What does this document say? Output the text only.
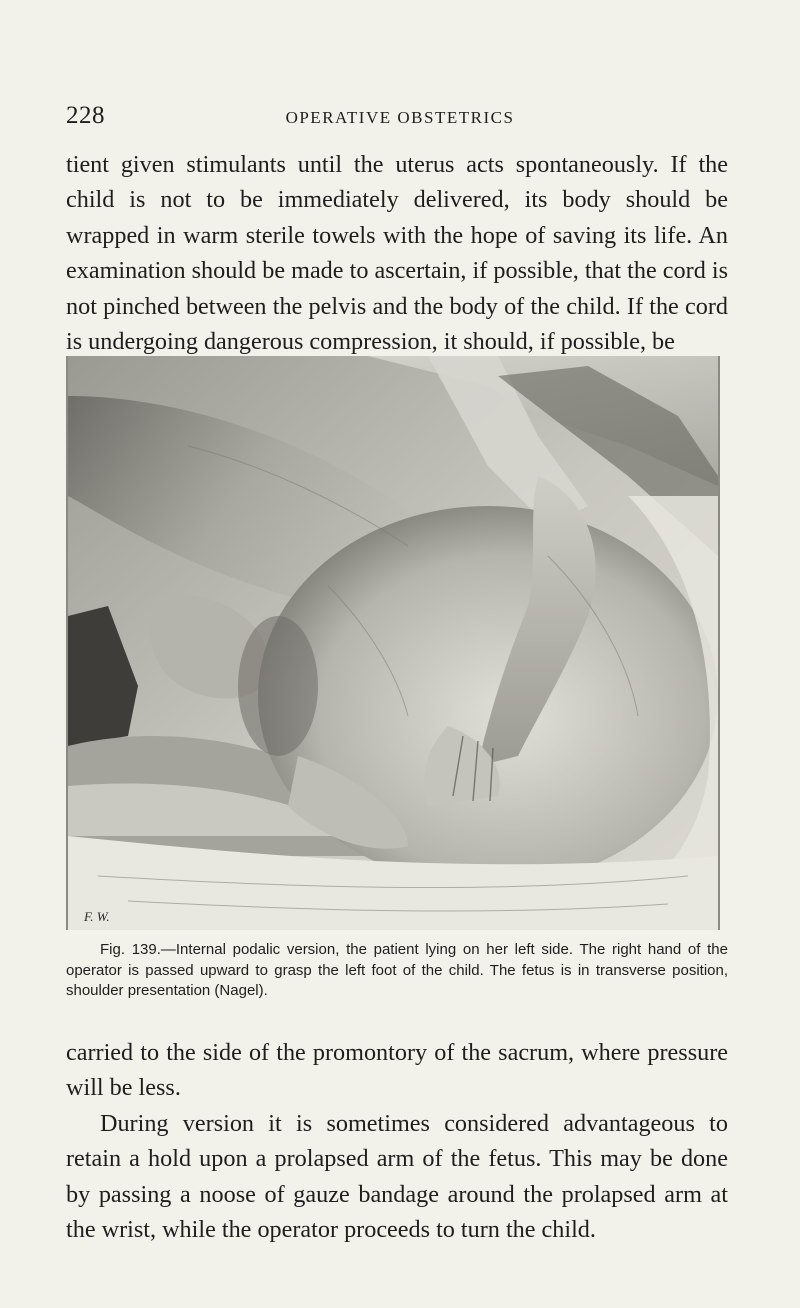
228	OPERATIVE OBSTETRICS

tient given stimulants until the uterus acts spontaneously. If the child is not to be immediately delivered, its body should be wrapped in warm sterile towels with the hope of saving its life. An examination should be made to ascertain, if possible, that the cord is not pinched between the pelvis and the body of the child. If the cord is undergoing dangerous compression, it should, if possible, be

F. W.

Fig. 139.—Internal podalic version, the patient lying on her left side. The right hand of the operator is passed upward to grasp the left foot of the child. The fetus is in transverse position, shoulder presentation (Nagel).

carried to the side of the promontory of the sacrum, where pressure will be less.

During version it is sometimes considered advantageous to retain a hold upon a prolapsed arm of the fetus. This may be done by passing a noose of gauze bandage around the prolapsed arm at the wrist, while the operator proceeds to turn the child.
